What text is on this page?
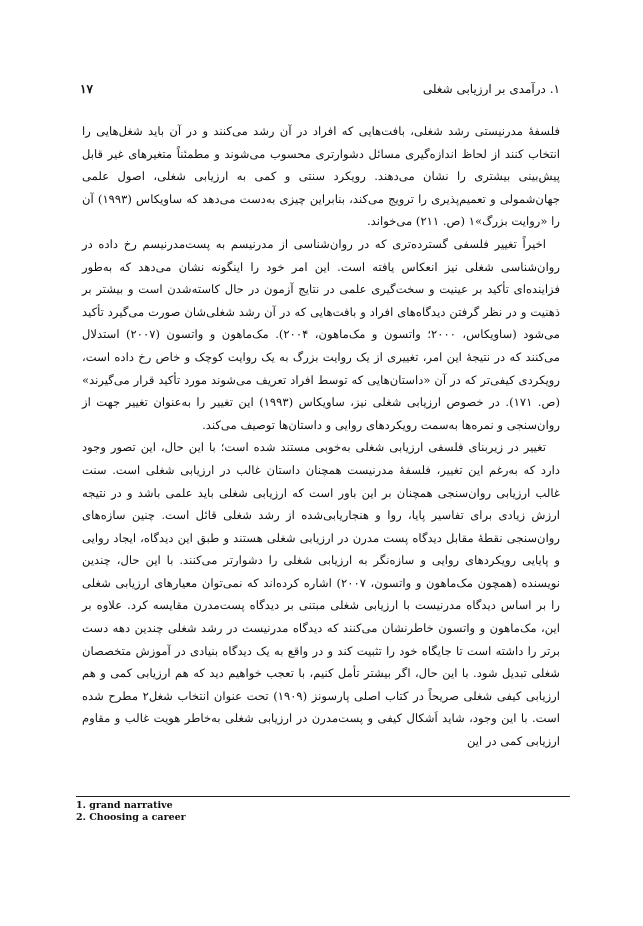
۱. درآمدی بر ارزیابی شغلی
۱۷

فلسفهٔ مدرنیستی رشد شغلی، بافت‌هایی که افراد در آن رشد می‌کنند و در آن باید شغل‌هایی را انتخاب کنند از لحاظ اندازه‌گیری مسائل دشوارتری محسوب می‌شوند و مطمئناً متغیرهای غیر قابل پیش‌بینی بیشتری را نشان می‌دهند. رویکرد سنتی و کمی به ارزیابی شغلی، اصول علمی جهان‌شمولی و تعمیم‌پذیری را ترویج می‌کند، بنابراین چیزی به‌دست می‌دهد که ساویکاس (۱۹۹۳) آن را «روایت بزرگ»۱ (ص. ۲۱۱) می‌خواند.

اخیراً تغییر فلسفی گسترده‌تری که در روان‌شناسی از مدرنیسم به پست‌مدرنیسم رخ داده در روان‌شناسی شغلی نیز انعکاس یافته است. این امر خود را اینگونه نشان می‌دهد که به‌طور فزاینده‌ای تأکید بر عینیت و سخت‌گیری علمی در نتایج آزمون در حال کاسته‌شدن است و بیشتر بر ذهنیت و در نظر گرفتن دیدگاه‌های افراد و بافت‌هایی که در آن رشد شغلی‌شان صورت می‌گیرد تأکید می‌شود (ساویکاس، ۲۰۰۰؛ واتسون و مک‌ماهون، ۲۰۰۴). مک‌ماهون و واتسون (۲۰۰۷) استدلال می‌کنند که در نتیجهٔ این امر، تغییری از یک روایت بزرگ به یک روایت کوچک و خاص رخ داده است، رویکردی کیفی‌تر که در آن «داستان‌هایی که توسط افراد تعریف می‌شوند مورد تأکید قرار می‌گیرند» (ص. ۱۷۱). در خصوص ارزیابی شغلی نیز، ساویکاس (۱۹۹۳) این تغییر را به‌عنوان تغییر جهت از روان‌سنجی و نمره‌ها به‌سمت رویکردهای روایی و داستان‌ها توصیف می‌کند.

تغییر در زیربنای فلسفی ارزیابی شغلی به‌خوبی مستند شده است؛ با این حال، این تصور وجود دارد که به‌رغم این تغییر، فلسفهٔ مدرنیست همچنان داستان غالب در ارزیابی شغلی است. سنت غالب ارزیابی روان‌سنجی همچنان بر این باور است که ارزیابی شغلی باید علمی باشد و در نتیجه ارزش زیادی برای تفاسیر پایا، روا و هنجاریابی‌شده از رشد شغلی قائل است. چنین سازه‌های روان‌سنجی نقطهٔ مقابل دیدگاه پست مدرن در ارزیابی شغلی هستند و طبق این دیدگاه، ایجاد روایی و پایایی رویکردهای روایی و سازه‌نگر به ارزیابی شغلی را دشوارتر می‌کنند. با این حال، چندین نویسنده (همچون مک‌ماهون و واتسون، ۲۰۰۷) اشاره کرده‌اند که نمی‌توان معیارهای ارزیابی شغلی را بر اساس دیدگاه مدرنیست با ارزیابی شغلی مبتنی بر دیدگاه پست‌مدرن مقایسه کرد. علاوه بر این، مک‌ماهون و واتسون خاطرنشان می‌کنند که دیدگاه مدرنیست در رشد شغلی چندین دهه دست برتر را داشته است تا جایگاه خود را تثبیت کند و در واقع به یک دیدگاه بنیادی در آموزش متخصصان شغلی تبدیل شود. با این حال، اگر بیشتر تأمل کنیم، با تعجب خواهیم دید که هم ارزیابی کمی و هم ارزیابی کیفی شغلی صریحاً در کتاب اصلی پارسونز (۱۹۰۹) تحت عنوان انتخاب شغل۲ مطرح شده است. با این وجود، شاید اَشکال کیفی و پست‌مدرن در ارزیابی شغلی به‌خاطر هویت غالب و مقاوم ارزیابی کمی در این

1. grand narrative
2. Choosing a career
